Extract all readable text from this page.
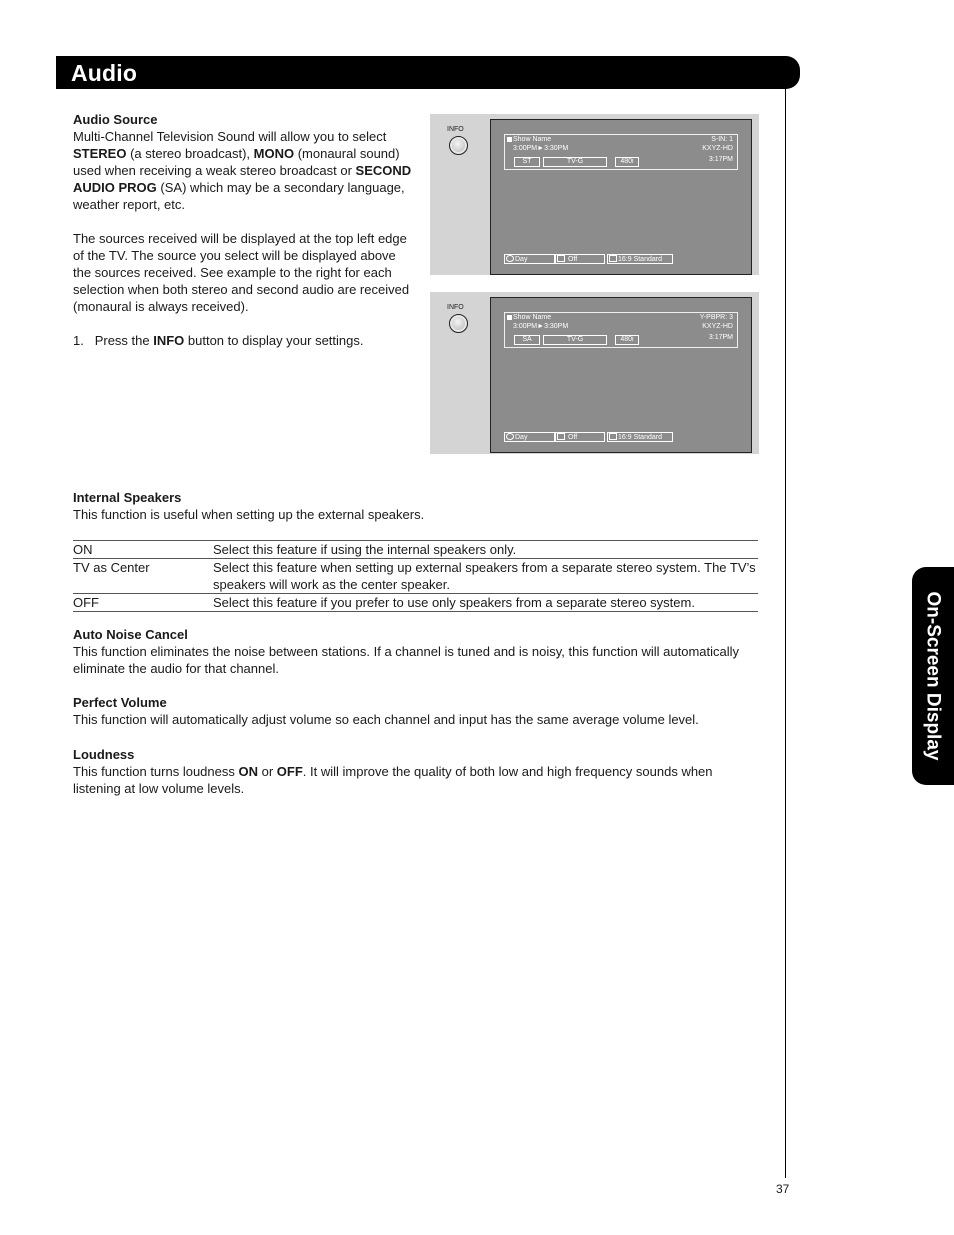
Audio
On-Screen Display
Audio Source

Multi-Channel Television Sound will allow you to select STEREO (a stereo broadcast), MONO (monaural sound) used when receiving a weak stereo broadcast or SECOND AUDIO PROG (SA) which may be a secondary language, weather report, etc.

The sources received will be displayed at the top left edge of the TV. The source you select will be displayed above the sources received. See example to the right for each selection when both stereo and second audio are received (monaural is always received).

1. Press the INFO button to display your settings.

INFO
Show Name
3:00PM►3:30PM
S-IN: 1
KXYZ-HD
3:17PM
ST	TV-G	480i
Day	Off	16:9 Standard
INFO
Show Name
3:00PM►3:30PM
Y-PBPR: 3
KXYZ-HD
3:17PM
SA	TV-G	480i
Day	Off	16:9 Standard
Internal Speakers

This function is useful when setting up the external speakers.

ON	Select this feature if using the internal speakers only.
TV as Center	Select this feature when setting up external speakers from a separate stereo system. The TV’s speakers will work as the center speaker.
OFF	Select this feature if you prefer to use only speakers from a separate stereo system.
Auto Noise Cancel

This function eliminates the noise between stations. If a channel is tuned and is noisy, this function will automatically eliminate the audio for that channel.

Perfect Volume

This function will automatically adjust volume so each channel and input has the same average volume level.

Loudness

This function turns loudness ON or OFF. It will improve the quality of both low and high frequency sounds when listening at low volume levels.

37
